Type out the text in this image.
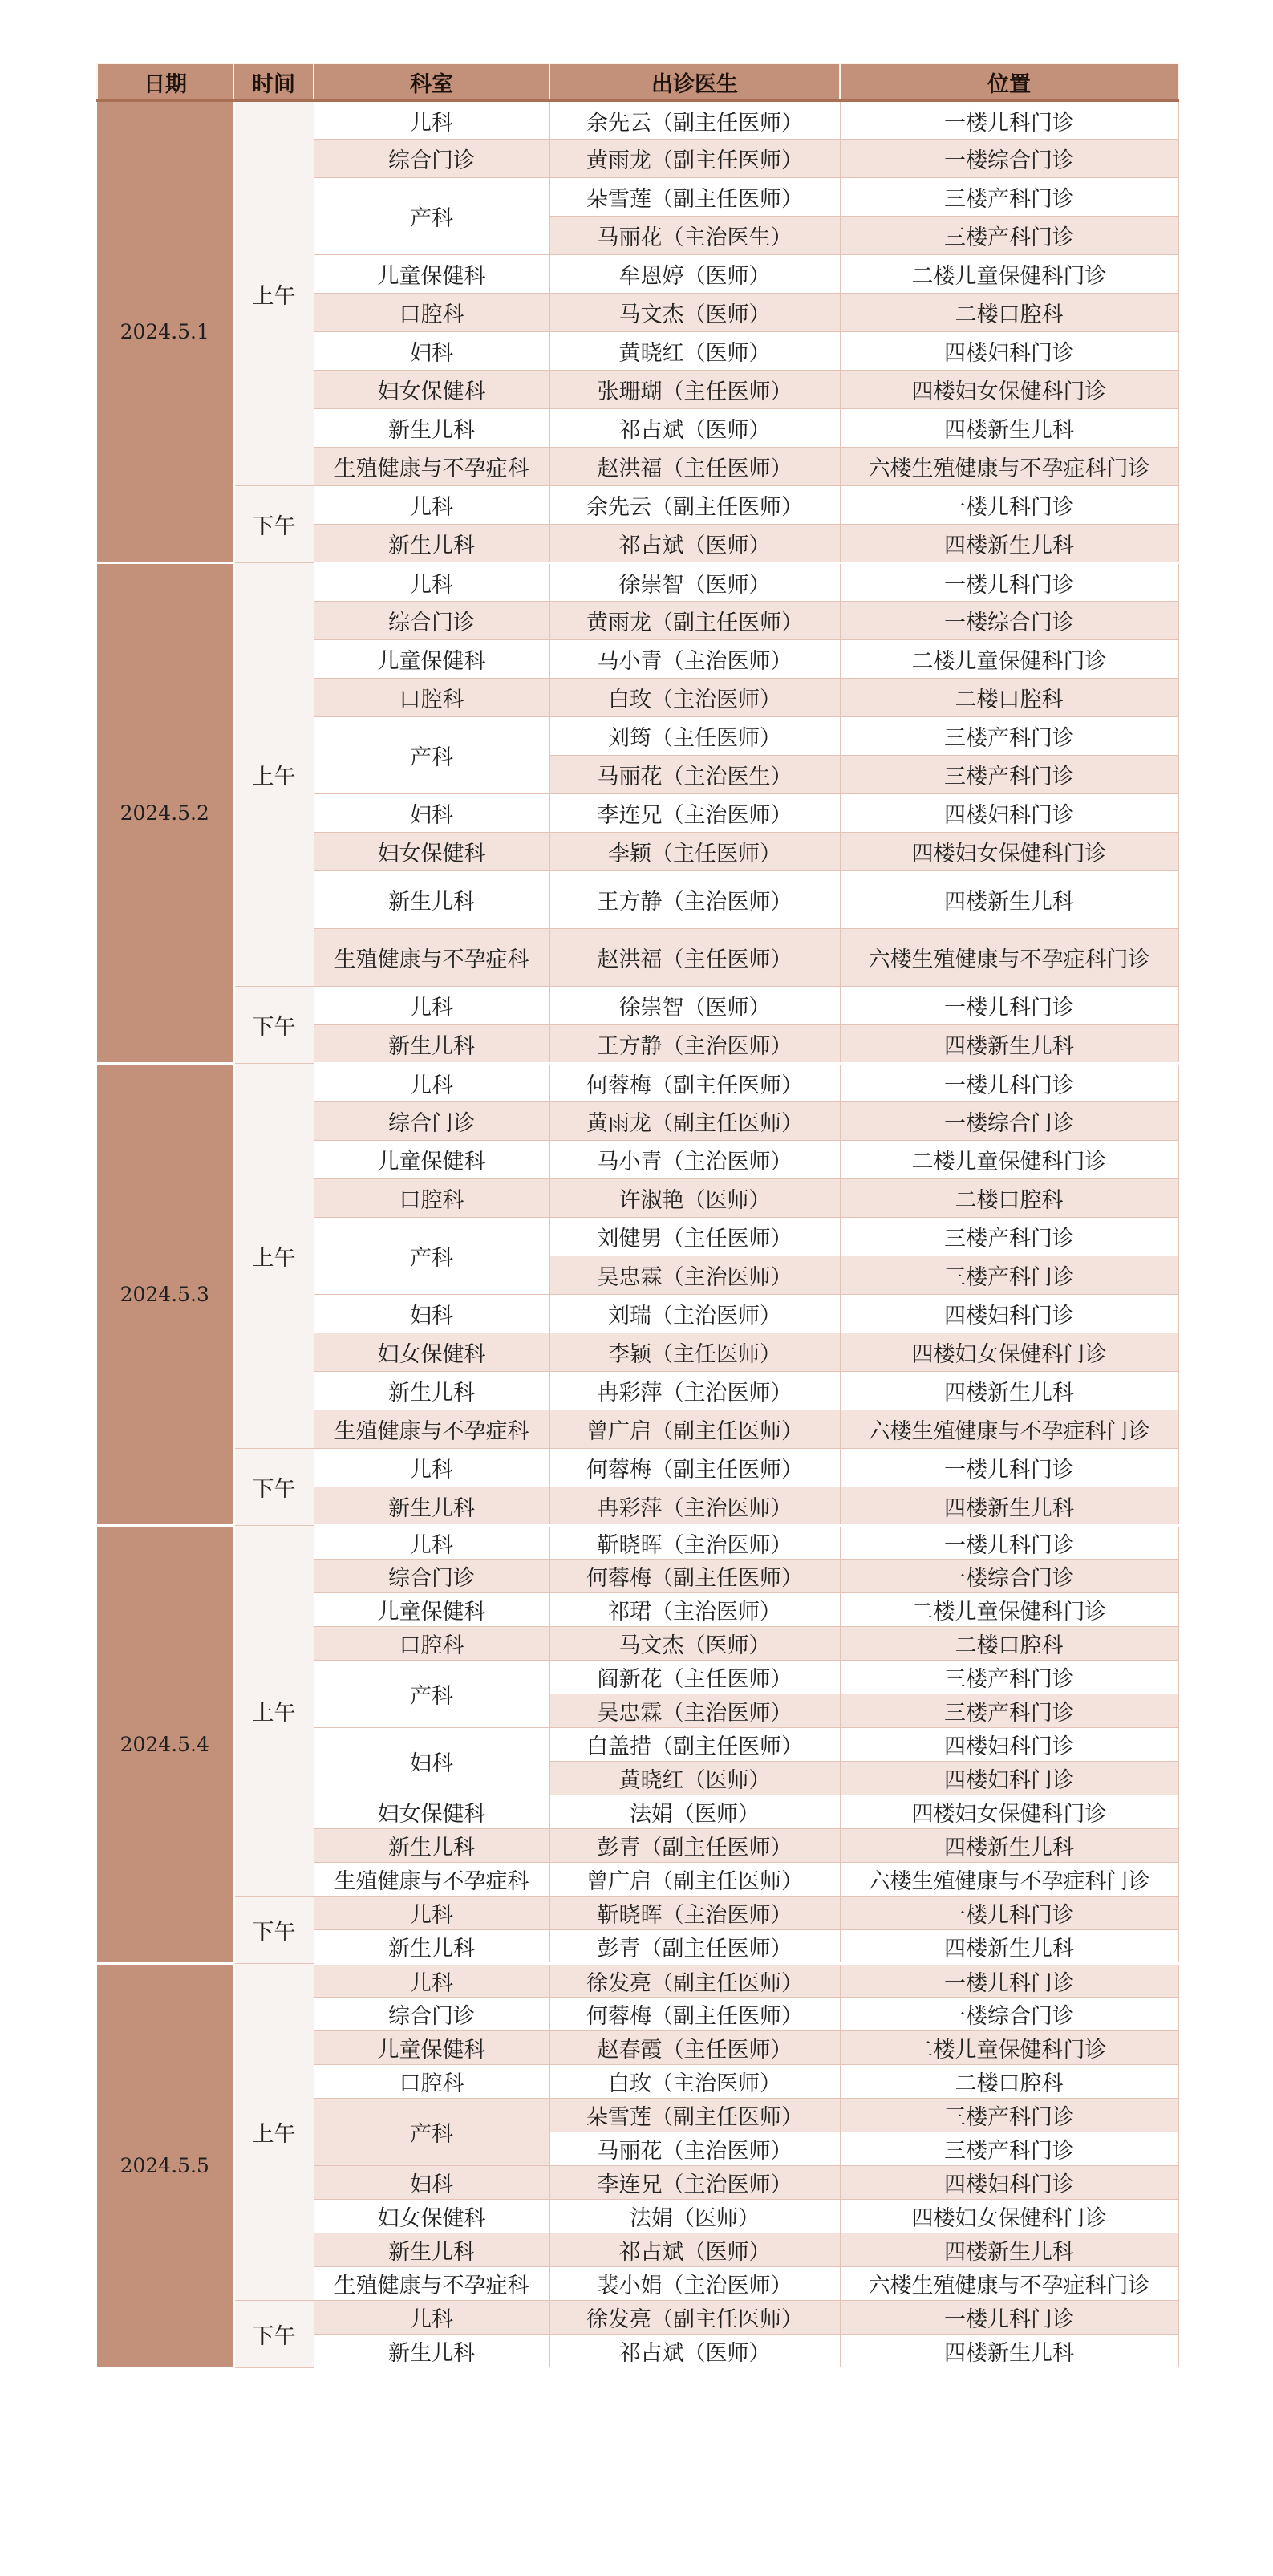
日期	时间	科室	出诊医生	位置
2024.5.1	上午	儿科	余先云（副主任医师）	一楼儿科门诊
		综合门诊	黄雨龙（副主任医师）	一楼综合门诊
		产科	朵雪莲（副主任医师）	三楼产科门诊
			马丽花（主治医生）	三楼产科门诊
		儿童保健科	牟恩婷（医师）	二楼儿童保健科门诊
		口腔科	马文杰（医师）	二楼口腔科
		妇科	黄晓红（医师）	四楼妇科门诊
		妇女保健科	张珊瑚（主任医师）	四楼妇女保健科门诊
		新生儿科	祁占斌（医师）	四楼新生儿科
		生殖健康与不孕症科	赵洪福（主任医师）	六楼生殖健康与不孕症科门诊
	下午	儿科	余先云（副主任医师）	一楼儿科门诊
		新生儿科	祁占斌（医师）	四楼新生儿科
2024.5.2	上午	儿科	徐崇智（医师）	一楼儿科门诊
		综合门诊	黄雨龙（副主任医师）	一楼综合门诊
		儿童保健科	马小青（主治医师）	二楼儿童保健科门诊
		口腔科	白玫（主治医师）	二楼口腔科
		产科	刘筠（主任医师）	三楼产科门诊
			马丽花（主治医生）	三楼产科门诊
		妇科	李连兄（主治医师）	四楼妇科门诊
		妇女保健科	李颖（主任医师）	四楼妇女保健科门诊
		新生儿科	王方静（主治医师）	四楼新生儿科
		生殖健康与不孕症科	赵洪福（主任医师）	六楼生殖健康与不孕症科门诊
	下午	儿科	徐崇智（医师）	一楼儿科门诊
		新生儿科	王方静（主治医师）	四楼新生儿科
2024.5.3	上午	儿科	何蓉梅（副主任医师）	一楼儿科门诊
		综合门诊	黄雨龙（副主任医师）	一楼综合门诊
		儿童保健科	马小青（主治医师）	二楼儿童保健科门诊
		口腔科	许淑艳（医师）	二楼口腔科
		产科	刘健男（主任医师）	三楼产科门诊
			吴忠霖（主治医师）	三楼产科门诊
		妇科	刘瑞（主治医师）	四楼妇科门诊
		妇女保健科	李颖（主任医师）	四楼妇女保健科门诊
		新生儿科	冉彩萍（主治医师）	四楼新生儿科
		生殖健康与不孕症科	曾广启（副主任医师）	六楼生殖健康与不孕症科门诊
	下午	儿科	何蓉梅（副主任医师）	一楼儿科门诊
		新生儿科	冉彩萍（主治医师）	四楼新生儿科
2024.5.4	上午	儿科	靳晓晖（主治医师）	一楼儿科门诊
		综合门诊	何蓉梅（副主任医师）	一楼综合门诊
		儿童保健科	祁珺（主治医师）	二楼儿童保健科门诊
		口腔科	马文杰（医师）	二楼口腔科
		产科	阎新花（主任医师）	三楼产科门诊
			吴忠霖（主治医师）	三楼产科门诊
		妇科	白盖措（副主任医师）	四楼妇科门诊
			黄晓红（医师）	四楼妇科门诊
		妇女保健科	法娟（医师）	四楼妇女保健科门诊
		新生儿科	彭青（副主任医师）	四楼新生儿科
		生殖健康与不孕症科	曾广启（副主任医师）	六楼生殖健康与不孕症科门诊
	下午	儿科	靳晓晖（主治医师）	一楼儿科门诊
		新生儿科	彭青（副主任医师）	四楼新生儿科
2024.5.5	上午	儿科	徐发亮（副主任医师）	一楼儿科门诊
		综合门诊	何蓉梅（副主任医师）	一楼综合门诊
		儿童保健科	赵春霞（主任医师）	二楼儿童保健科门诊
		口腔科	白玫（主治医师）	二楼口腔科
		产科	朵雪莲（副主任医师）	三楼产科门诊
			马丽花（主治医师）	三楼产科门诊
		妇科	李连兄（主治医师）	四楼妇科门诊
		妇女保健科	法娟（医师）	四楼妇女保健科门诊
		新生儿科	祁占斌（医师）	四楼新生儿科
		生殖健康与不孕症科	裴小娟（主治医师）	六楼生殖健康与不孕症科门诊
	下午	儿科	徐发亮（副主任医师）	一楼儿科门诊
		新生儿科	祁占斌（医师）	四楼新生儿科
